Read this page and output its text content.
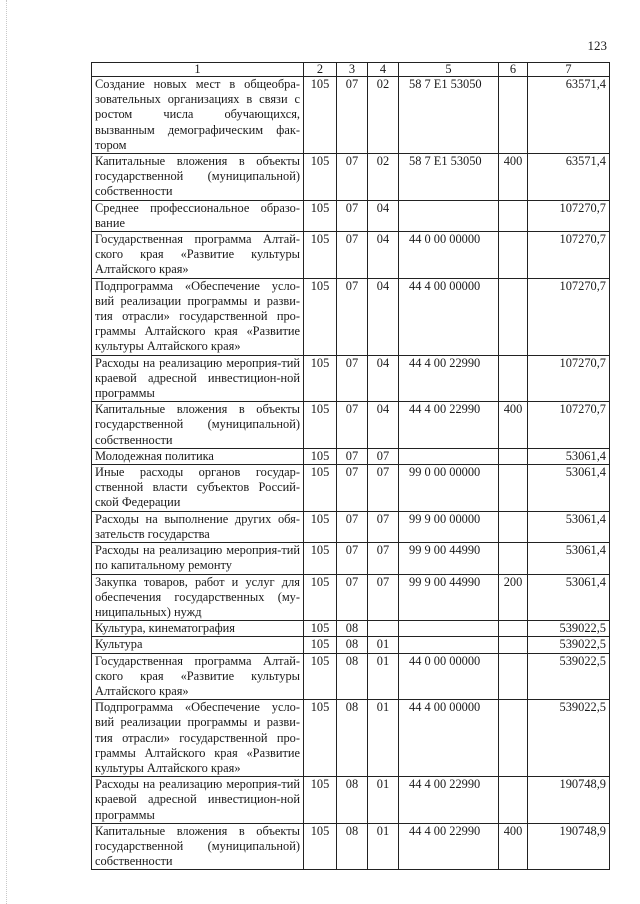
123
1	2	3	4	5	6	7
Создание новых мест в общеобра-зовательных организациях в связи с ростом числа обучающихся, вызванным демографическим фак-тором	105	07	02	58 7 E1 53050		63571,4
Капитальные вложения в объекты государственной (муниципальной) собственности	105	07	02	58 7 E1 53050	400	63571,4
Среднее профессиональное образо-вание	105	07	04			107270,7
Государственная программа Алтай-ского края «Развитие культуры Алтайского края»	105	07	04	44 0 00 00000		107270,7
Подпрограмма «Обеспечение усло-вий реализации программы и разви-тия отрасли» государственной про-граммы Алтайского края «Развитие культуры Алтайского края»	105	07	04	44 4 00 00000		107270,7
Расходы на реализацию мероприя-тий краевой адресной инвестицион-ной программы	105	07	04	44 4 00 22990		107270,7
Капитальные вложения в объекты государственной (муниципальной) собственности	105	07	04	44 4 00 22990	400	107270,7
Молодежная политика	105	07	07			53061,4
Иные расходы органов государ-ственной власти субъектов Россий-ской Федерации	105	07	07	99 0 00 00000		53061,4
Расходы на выполнение других обя-зательств государства	105	07	07	99 9 00 00000		53061,4
Расходы на реализацию мероприя-тий по капитальному ремонту	105	07	07	99 9 00 44990		53061,4
Закупка товаров, работ и услуг для обеспечения государственных (му-ниципальных) нужд	105	07	07	99 9 00 44990	200	53061,4
Культура, кинематография	105	08				539022,5
Культура	105	08	01			539022,5
Государственная программа Алтай-ского края «Развитие культуры Алтайского края»	105	08	01	44 0 00 00000		539022,5
Подпрограмма «Обеспечение усло-вий реализации программы и разви-тия отрасли» государственной про-граммы Алтайского края «Развитие культуры Алтайского края»	105	08	01	44 4 00 00000		539022,5
Расходы на реализацию мероприя-тий краевой адресной инвестицион-ной программы	105	08	01	44 4 00 22990		190748,9
Капитальные вложения в объекты государственной (муниципальной) собственности	105	08	01	44 4 00 22990	400	190748,9
